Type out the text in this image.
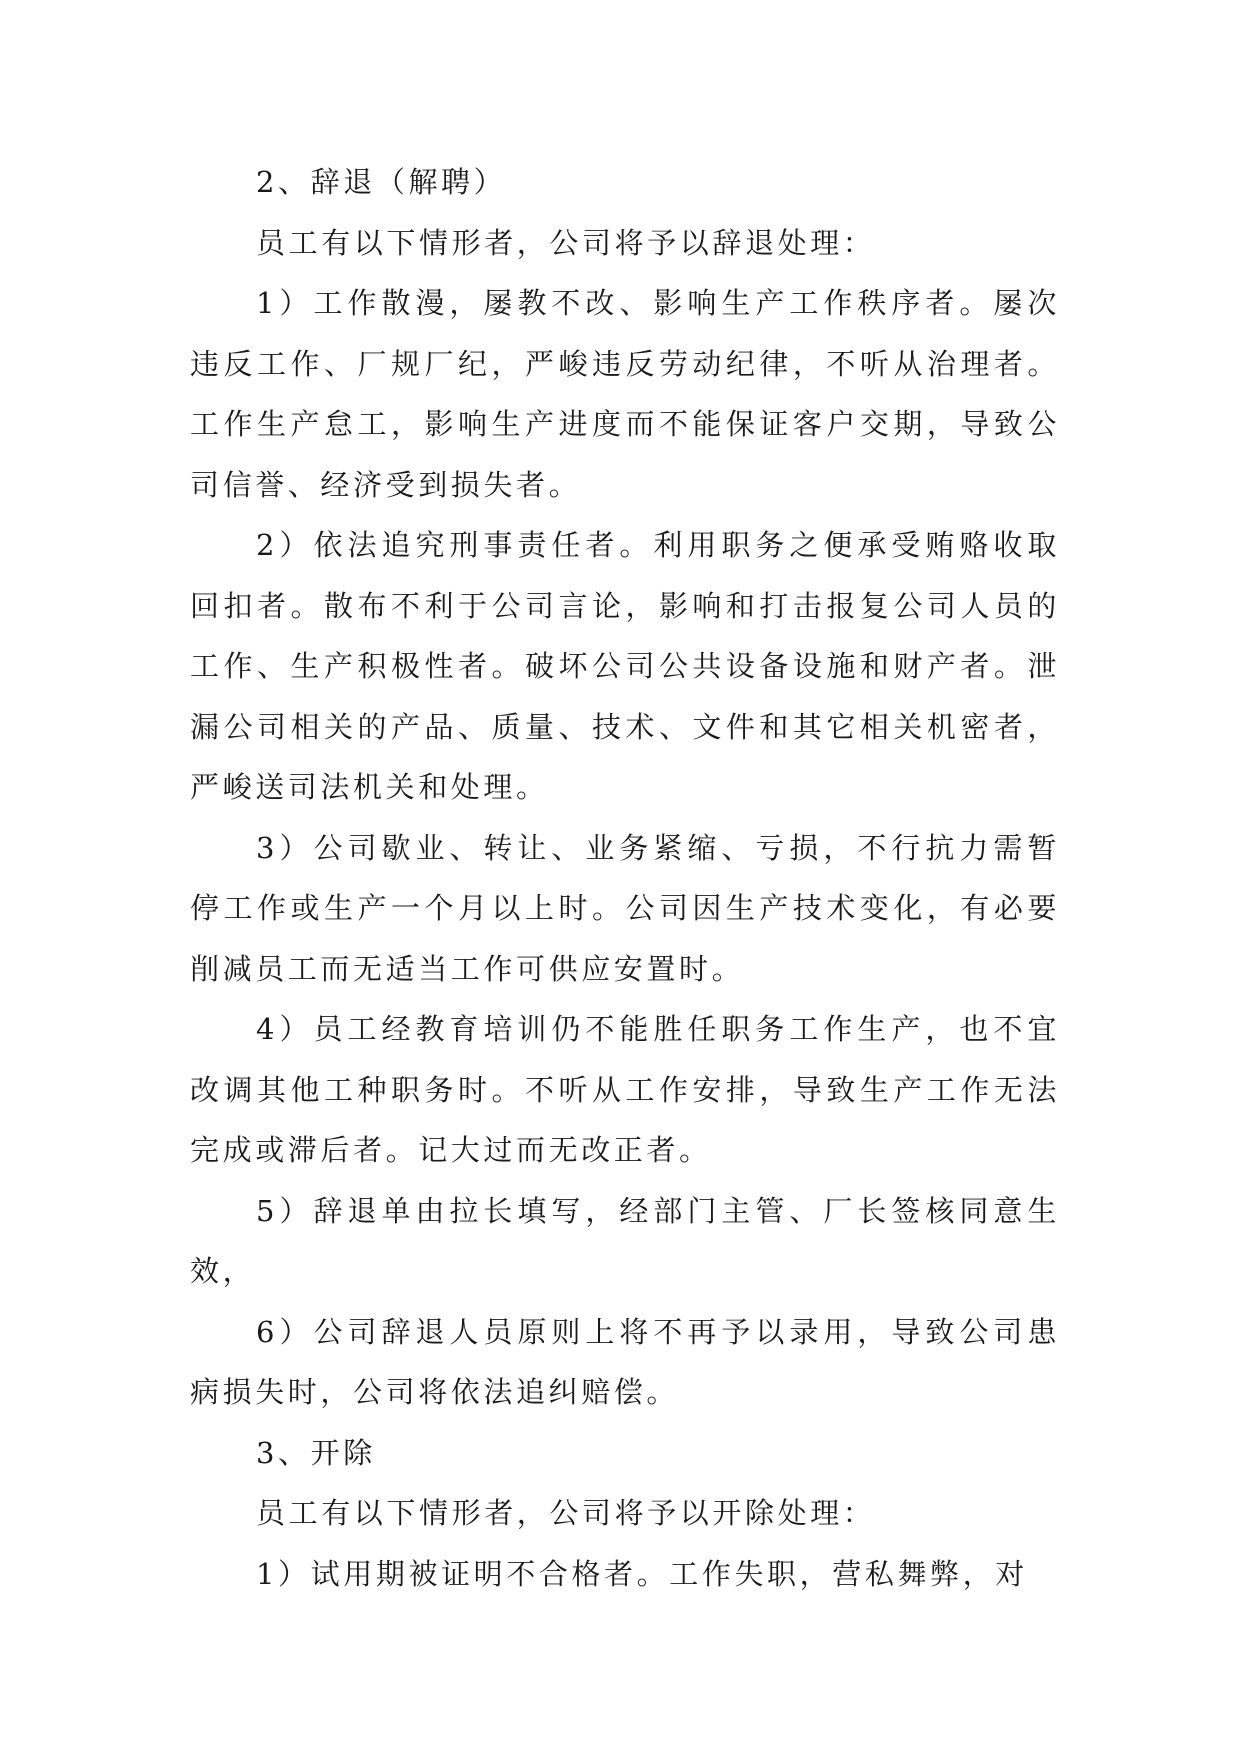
2、辞退（解聘）

员工有以下情形者，公司将予以辞退处理：

1）工作散漫，屡教不改、影响生产工作秩序者。屡次违反工作、厂规厂纪，严峻违反劳动纪律，不听从治理者。工作生产怠工，影响生产进度而不能保证客户交期，导致公司信誉、经济受到损失者。

2）依法追究刑事责任者。利用职务之便承受贿赂收取回扣者。散布不利于公司言论，影响和打击报复公司人员的工作、生产积极性者。破坏公司公共设备设施和财产者。泄漏公司相关的产品、质量、技术、文件和其它相关机密者，严峻送司法机关和处理。

3）公司歇业、转让、业务紧缩、亏损，不行抗力需暂停工作或生产一个月以上时。公司因生产技术变化，有必要削减员工而无适当工作可供应安置时。

4）员工经教育培训仍不能胜任职务工作生产，也不宜改调其他工种职务时。不听从工作安排，导致生产工作无法完成或滞后者。记大过而无改正者。

5）辞退单由拉长填写，经部门主管、厂长签核同意生效，

6）公司辞退人员原则上将不再予以录用，导致公司患病损失时，公司将依法追纠赔偿。

3、开除

员工有以下情形者，公司将予以开除处理：

1）试用期被证明不合格者。工作失职，营私舞弊，对
